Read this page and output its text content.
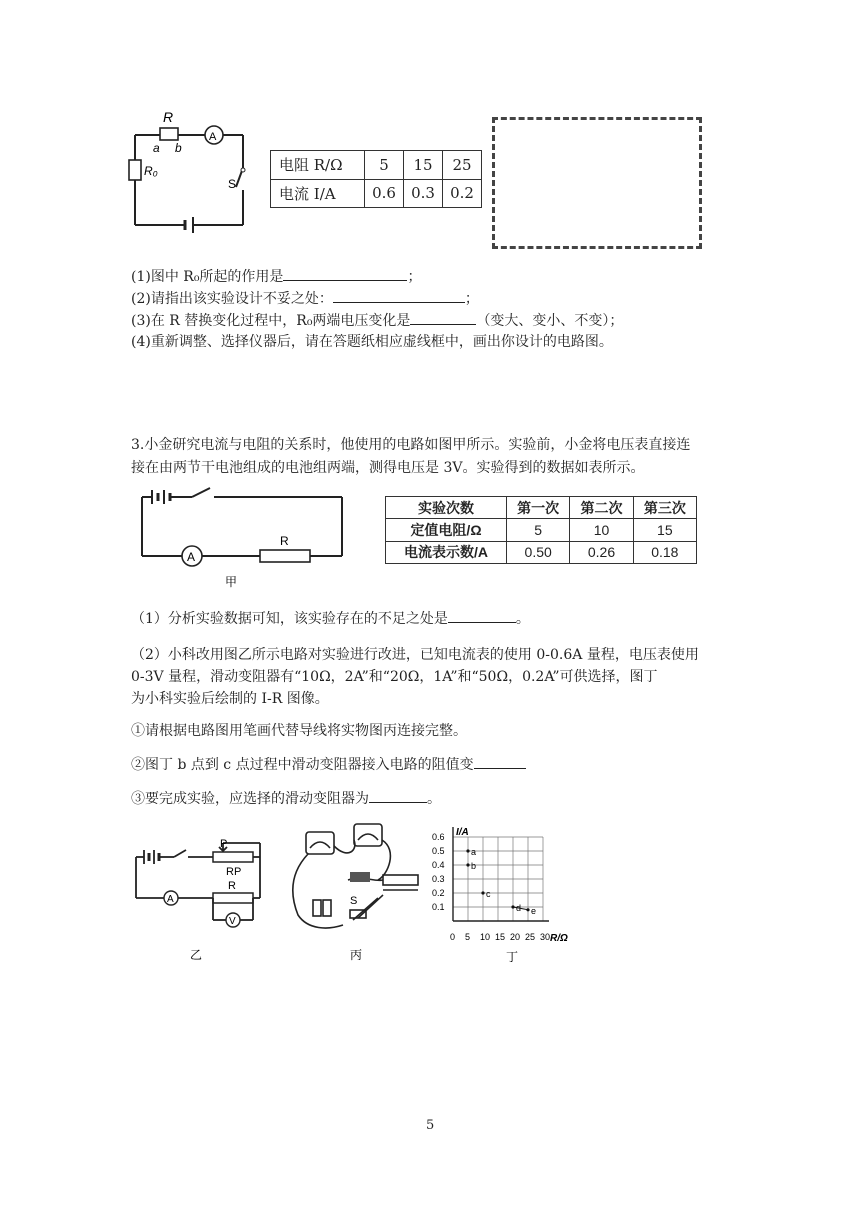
R
a b
A
R₀
S
电阻 R/Ω	5	15	25
电流 I/A	0.6	0.3	0.2
(1)图中 R₀所起的作用是	；
(2)请指出该实验设计不妥之处：	；
(3)在 R 替换变化过程中，R₀两端电压变化是	（变大、变小、不变）；
(4)重新调整、选择仪器后，请在答题纸相应虚线框中，画出你设计的电路图。
3.小金研究电流与电阻的关系时，他使用的电路如图甲所示。实验前，小金将电压表直接连
接在由两节干电池组成的电池组两端，测得电压是 3V。实验得到的数据如表所示。
R
A
甲
实验次数	第一次	第二次	第三次
定值电阻/Ω	5	10	15
电流表示数/A	0.50	0.26	0.18
（1）分析实验数据可知，该实验存在的不足之处是	。
（2）小科改用图乙所示电路对实验进行改进，已知电流表的使用 0-0.6A 量程，电压表使用
0-3V 量程，滑动变阻器有“10Ω，2A”和“20Ω，1A”和“50Ω，0.2A”可供选择，图丁
为小科实验后绘制的 I-R 图像。
①请根据电路图用笔画代替导线将实物图丙连接完整。
②图丁 b 点到 c 点过程中滑动变阻器接入电路的阻值变
③要完成实验，应选择的滑动变阻器为	。
P
RP
R
A
V
乙
S
丙
I/A
R/Ω
丁
0 5 10 15 20 25 30
0.1
0.2
0.3
0.4
0.5
0.6
a
b
c
e
5
